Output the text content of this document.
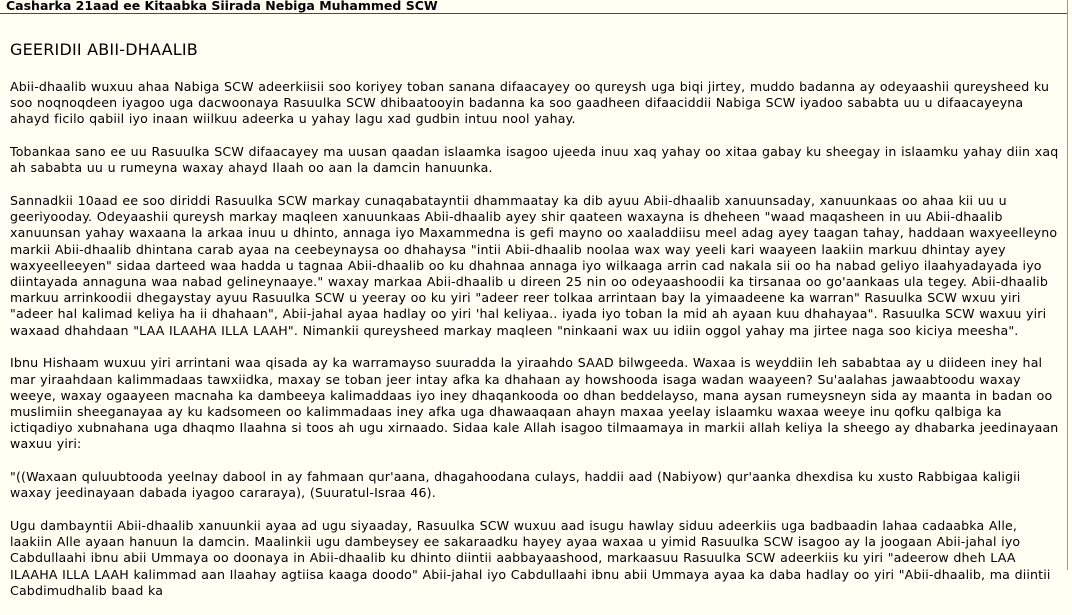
Casharka 21aad ee Kitaabka Siirada Nebiga Muhammed SCW
GEERIDII ABII-DHAALIB

Abii-dhaalib wuxuu ahaa Nabiga SCW adeerkiisii soo koriyey toban sanana difaacayey oo qureysh uga biqi jirtey, muddo badanna ay odeyaashii qureysheed ku soo noqnoqdeen iyagoo uga dacwoonaya Rasuulka SCW dhibaatooyin badanna ka soo gaadheen difaaciddii Nabiga SCW iyadoo sababta uu u difaacayeyna ahayd ficilo qabiil iyo inaan wiilkuu adeerka u yahay lagu xad gudbin intuu nool yahay.

Tobankaa sano ee uu Rasuulka SCW difaacayey ma uusan qaadan islaamka isagoo ujeeda inuu xaq yahay oo xitaa gabay ku sheegay in islaamku yahay diin xaq ah sababta uu u rumeyna waxay ahayd Ilaah oo aan la damcin hanuunka.

Sannadkii 10aad ee soo diriddi Rasuulka SCW markay cunaqabatayntii dhammaatay ka dib ayuu Abii-dhaalib xanuunsaday, xanuunkaas oo ahaa kii uu u geeriyooday. Odeyaashii qureysh markay maqleen xanuunkaas Abii-dhaalib ayey shir qaateen waxayna is dheheen "waad maqasheen in uu Abii-dhaalib xanuunsan yahay waxaana la arkaa inuu u dhinto, annaga iyo Maxammedna is gefi mayno oo xaaladdiisu meel adag ayey taagan tahay, haddaan waxyeelleyno markii Abii-dhaalib dhintana carab ayaa na ceebeynaysa oo dhahaysa "intii Abii-dhaalib noolaa wax way yeeli kari waayeen laakiin markuu dhintay ayey waxyeelleeyen" sidaa darteed waa hadda u tagnaa Abii-dhaalib oo ku dhahnaa annaga iyo wilkaaga arrin cad nakala sii oo ha nabad geliyo ilaahyadayada iyo diintayada annaguna waa nabad gelineynaaye." waxay markaa Abii-dhaalib u direen 25 nin oo odeyaashoodii ka tirsanaa oo go'aankaas ula tegey. Abii-dhaalib markuu arrinkoodii dhegaystay ayuu Rasuulka SCW u yeeray oo ku yiri "adeer reer tolkaa arrintaan bay la yimaadeene ka warran" Rasuulka SCW wxuu yiri "adeer hal kalimad keliya ha ii dhahaan", Abii-jahal ayaa hadlay oo yiri 'hal keliyaa.. iyada iyo toban la mid ah ayaan kuu dhahayaa". Rasuulka SCW waxuu yiri waxaad dhahdaan "LAA ILAAHA ILLA LAAH". Nimankii qureysheed markay maqleen "ninkaani wax uu idiin oggol yahay ma jirtee naga soo kiciya meesha".

Ibnu Hishaam wuxuu yiri arrintani waa qisada ay ka warramayso suuradda la yiraahdo SAAD bilwgeeda. Waxaa is weyddiin leh sababtaa ay u diideen iney hal mar yiraahdaan kalimmadaas tawxiidka, maxay se toban jeer intay afka ka dhahaan ay howshooda isaga wadan waayeen? Su'aalahas jawaabtoodu waxay weeye, waxay ogaayeen macnaha ka dambeeya kalimaddaas iyo iney dhaqankooda oo dhan beddelayso, mana aysan rumeysneyn sida ay maanta in badan oo muslimiin sheeganayaa ay ku kadsomeen oo kalimmadaas iney afka uga dhawaaqaan ahayn maxaa yeelay islaamku waxaa weeye inu qofku qalbiga ka ictiqadiyo xubnahana uga dhaqmo Ilaahna si toos ah ugu xirnaado. Sidaa kale Allah isagoo tilmaamaya in markii allah keliya la sheego ay dhabarka jeedinayaan waxuu yiri:

"((Waxaan quluubtooda yeelnay dabool in ay fahmaan qur'aana, dhagahoodana culays, haddii aad (Nabiyow) qur'aanka dhexdisa ku xusto Rabbigaa kaligii waxay jeedinayaan dabada iyagoo cararaya), (Suuratul-Israa 46).

Ugu dambayntii Abii-dhaalib xanuunkii ayaa ad ugu siyaaday, Rasuulka SCW wuxuu aad isugu hawlay siduu adeerkiis uga badbaadin lahaa cadaabka Alle, laakiin Alle ayaan hanuun la damcin. Maalinkii ugu dambeysey ee sakaraadku hayey ayaa waxaa u yimid Rasuulka SCW isagoo ay la joogaan Abii-jahal iyo Cabdullaahi ibnu abii Ummaya oo doonaya in Abii-dhaalib ku dhinto diintii aabbayaashood, markaasuu Rasuulka SCW adeerkiis ku yiri "adeerow dheh LAA ILAAHA ILLA LAAH kalimmad aan Ilaahay agtiisa kaaga doodo" Abii-jahal iyo Cabdullaahi ibnu abii Ummaya ayaa ka daba hadlay oo yiri "Abii-dhaalib, ma diintii Cabdimudhalib baad ka
